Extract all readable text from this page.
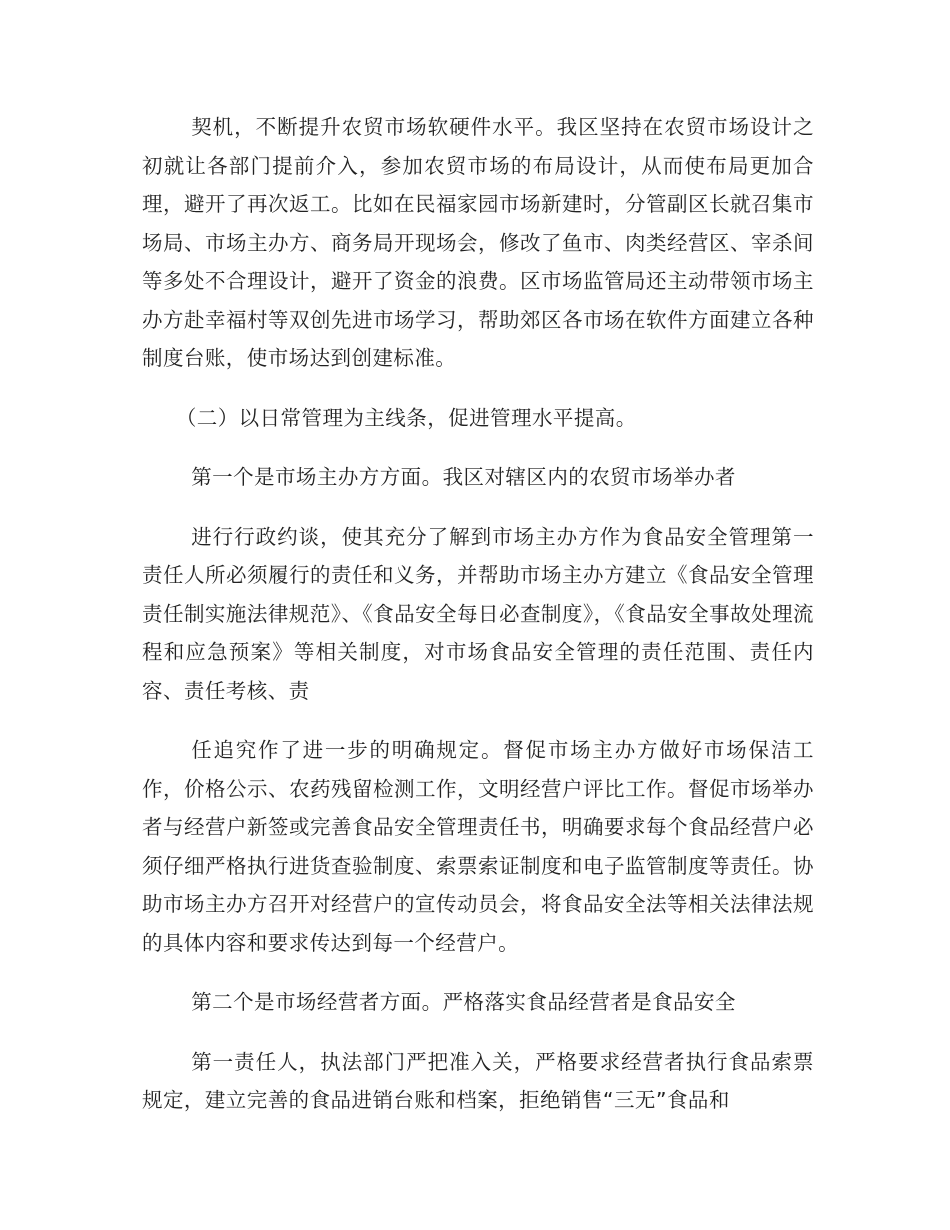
契机，不断提升农贸市场软硬件水平。我区坚持在农贸市场设计之初就让各部门提前介入，参加农贸市场的布局设计，从而使布局更加合理，避开了再次返工。比如在民福家园市场新建时，分管副区长就召集市场局、市场主办方、商务局开现场会，修改了鱼市、肉类经营区、宰杀间等多处不合理设计，避开了资金的浪费。区市场监管局还主动带领市场主办方赴幸福村等双创先进市场学习，帮助郊区各市场在软件方面建立各种制度台账，使市场达到创建标准。

（二）以日常管理为主线条，促进管理水平提高。

第一个是市场主办方方面。我区对辖区内的农贸市场举办者

进行行政约谈，使其充分了解到市场主办方作为食品安全管理第一责任人所必须履行的责任和义务，并帮助市场主办方建立《食品安全管理责任制实施法律规范》、《食品安全每日必查制度》，《食品安全事故处理流程和应急预案》等相关制度，对市场食品安全管理的责任范围、责任内容、责任考核、责

任追究作了进一步的明确规定。督促市场主办方做好市场保洁工作，价格公示、农药残留检测工作，文明经营户评比工作。督促市场举办者与经营户新签或完善食品安全管理责任书，明确要求每个食品经营户必须仔细严格执行进货查验制度、索票索证制度和电子监管制度等责任。协助市场主办方召开对经营户的宣传动员会，将食品安全法等相关法律法规的具体内容和要求传达到每一个经营户。

第二个是市场经营者方面。严格落实食品经营者是食品安全

第一责任人，执法部门严把准入关，严格要求经营者执行食品索票规定，建立完善的食品进销台账和档案，拒绝销售“三无”食品和
